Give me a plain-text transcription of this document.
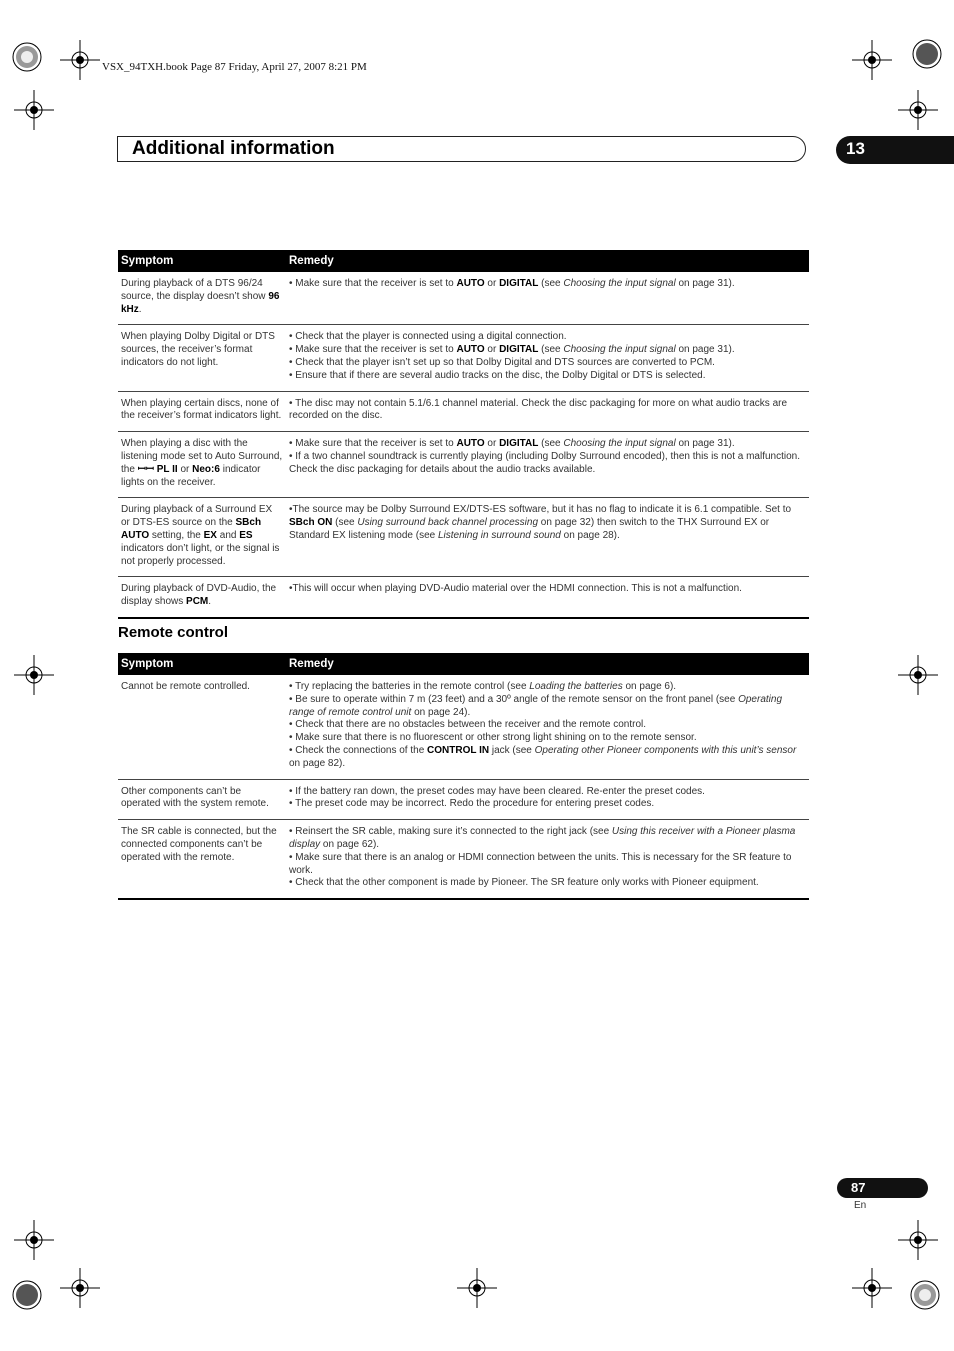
VSX_94TXH.book Page 87 Friday, April 27, 2007 8:21 PM
Additional information	13
Symptom	Remedy
During playback of a DTS 96/24 source, the display doesn’t show 96 kHz.	• Make sure that the receiver is set to AUTO or DIGITAL (see Choosing the input signal on page 31).

When playing Dolby Digital or DTS sources, the receiver’s format indicators do not light.	• Check that the player is connected using a digital connection.
• Make sure that the receiver is set to AUTO or DIGITAL (see Choosing the input signal on page 31).
• Check that the player isn’t set up so that Dolby Digital and DTS sources are converted to PCM.
• Ensure that if there are several audio tracks on the disc, the Dolby Digital or DTS is selected.

When playing certain discs, none of the receiver’s format indicators light.	• The disc may not contain 5.1/6.1 channel material. Check the disc packaging for more on what audio tracks are recorded on the disc.

When playing a disc with the listening mode set to Auto Surround, the ꟷꟷ PL II or Neo:6 indicator lights on the receiver.	• Make sure that the receiver is set to AUTO or DIGITAL (see Choosing the input signal on page 31).
• If a two channel soundtrack is currently playing (including Dolby Surround encoded), then this is not a malfunction. Check the disc packaging for details about the audio tracks available.

During playback of a Surround EX or DTS-ES source on the SBch AUTO setting, the EX and ES indicators don’t light, or the signal is not properly processed.	•The source may be Dolby Surround EX/DTS-ES software, but it has no flag to indicate it is 6.1 compatible. Set to SBch ON (see Using surround back channel processing on page 32) then switch to the THX Surround EX or Standard EX listening mode (see Listening in surround sound on page 28).

During playback of DVD-Audio, the display shows PCM.	•This will occur when playing DVD-Audio material over the HDMI connection. This is not a malfunction.
Remote control
Symptom	Remedy
Cannot be remote controlled.	• Try replacing the batteries in the remote control (see Loading the batteries on page 6).
• Be sure to operate within 7 m (23 feet) and a 30º angle of the remote sensor on the front panel (see Operating range of remote control unit on page 24).
• Check that there are no obstacles between the receiver and the remote control.
• Make sure that there is no fluorescent or other strong light shining on to the remote sensor.
• Check the connections of the CONTROL IN jack (see Operating other Pioneer components with this unit’s sensor on page 82).

Other components can’t be operated with the system remote.	• If the battery ran down, the preset codes may have been cleared. Re-enter the preset codes.
• The preset code may be incorrect. Redo the procedure for entering preset codes.

The SR cable is connected, but the connected components can’t be operated with the remote.	• Reinsert the SR cable, making sure it’s connected to the right jack (see Using this receiver with a Pioneer plasma display on page 62).
• Make sure that there is an analog or HDMI connection between the units. This is necessary for the SR feature to work.
• Check that the other component is made by Pioneer. The SR feature only works with Pioneer equipment.
87
En
